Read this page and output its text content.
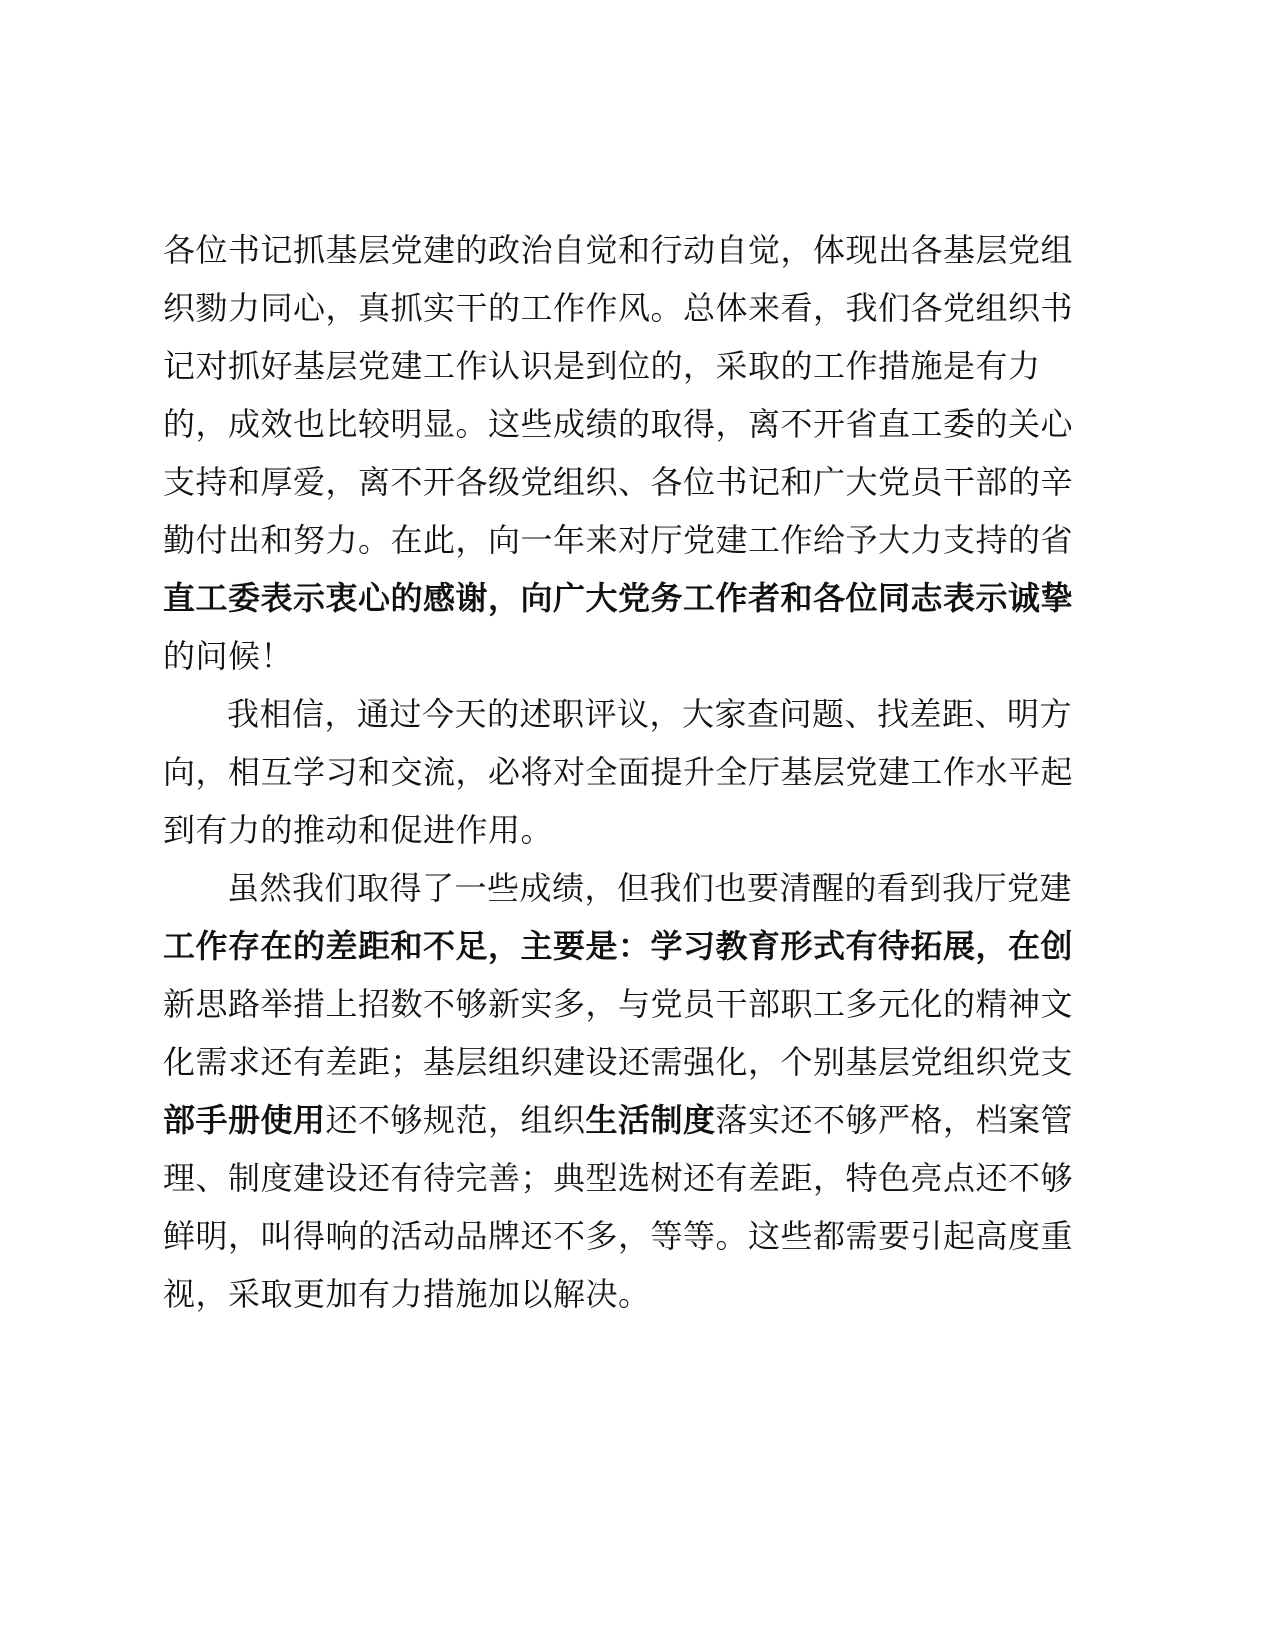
各位书记抓基层党建的政治自觉和行动自觉，体现出各基层党组
织勠力同心，真抓实干的工作作风。总体来看，我们各党组织书
记对抓好基层党建工作认识是到位的，采取的工作措施是有力
的，成效也比较明显。这些成绩的取得，离不开省直工委的关心
支持和厚爱，离不开各级党组织、各位书记和广大党员干部的辛
勤付出和努力。在此，向一年来对厅党建工作给予大力支持的省
直工委表示衷心的感谢，向广大党务工作者和各位同志表示诚挚
的问候！

我相信，通过今天的述职评议，大家查问题、找差距、明方
向，相互学习和交流，必将对全面提升全厅基层党建工作水平起
到有力的推动和促进作用。

虽然我们取得了一些成绩，但我们也要清醒的看到我厅党建
工作存在的差距和不足，主要是：学习教育形式有待拓展，在创
新思路举措上招数不够新实多，与党员干部职工多元化的精神文
化需求还有差距；基层组织建设还需强化，个别基层党组织党支
部手册使用还不够规范，组织生活制度落实还不够严格，档案管
理、制度建设还有待完善；典型选树还有差距，特色亮点还不够
鲜明，叫得响的活动品牌还不多，等等。这些都需要引起高度重
视，采取更加有力措施加以解决。
